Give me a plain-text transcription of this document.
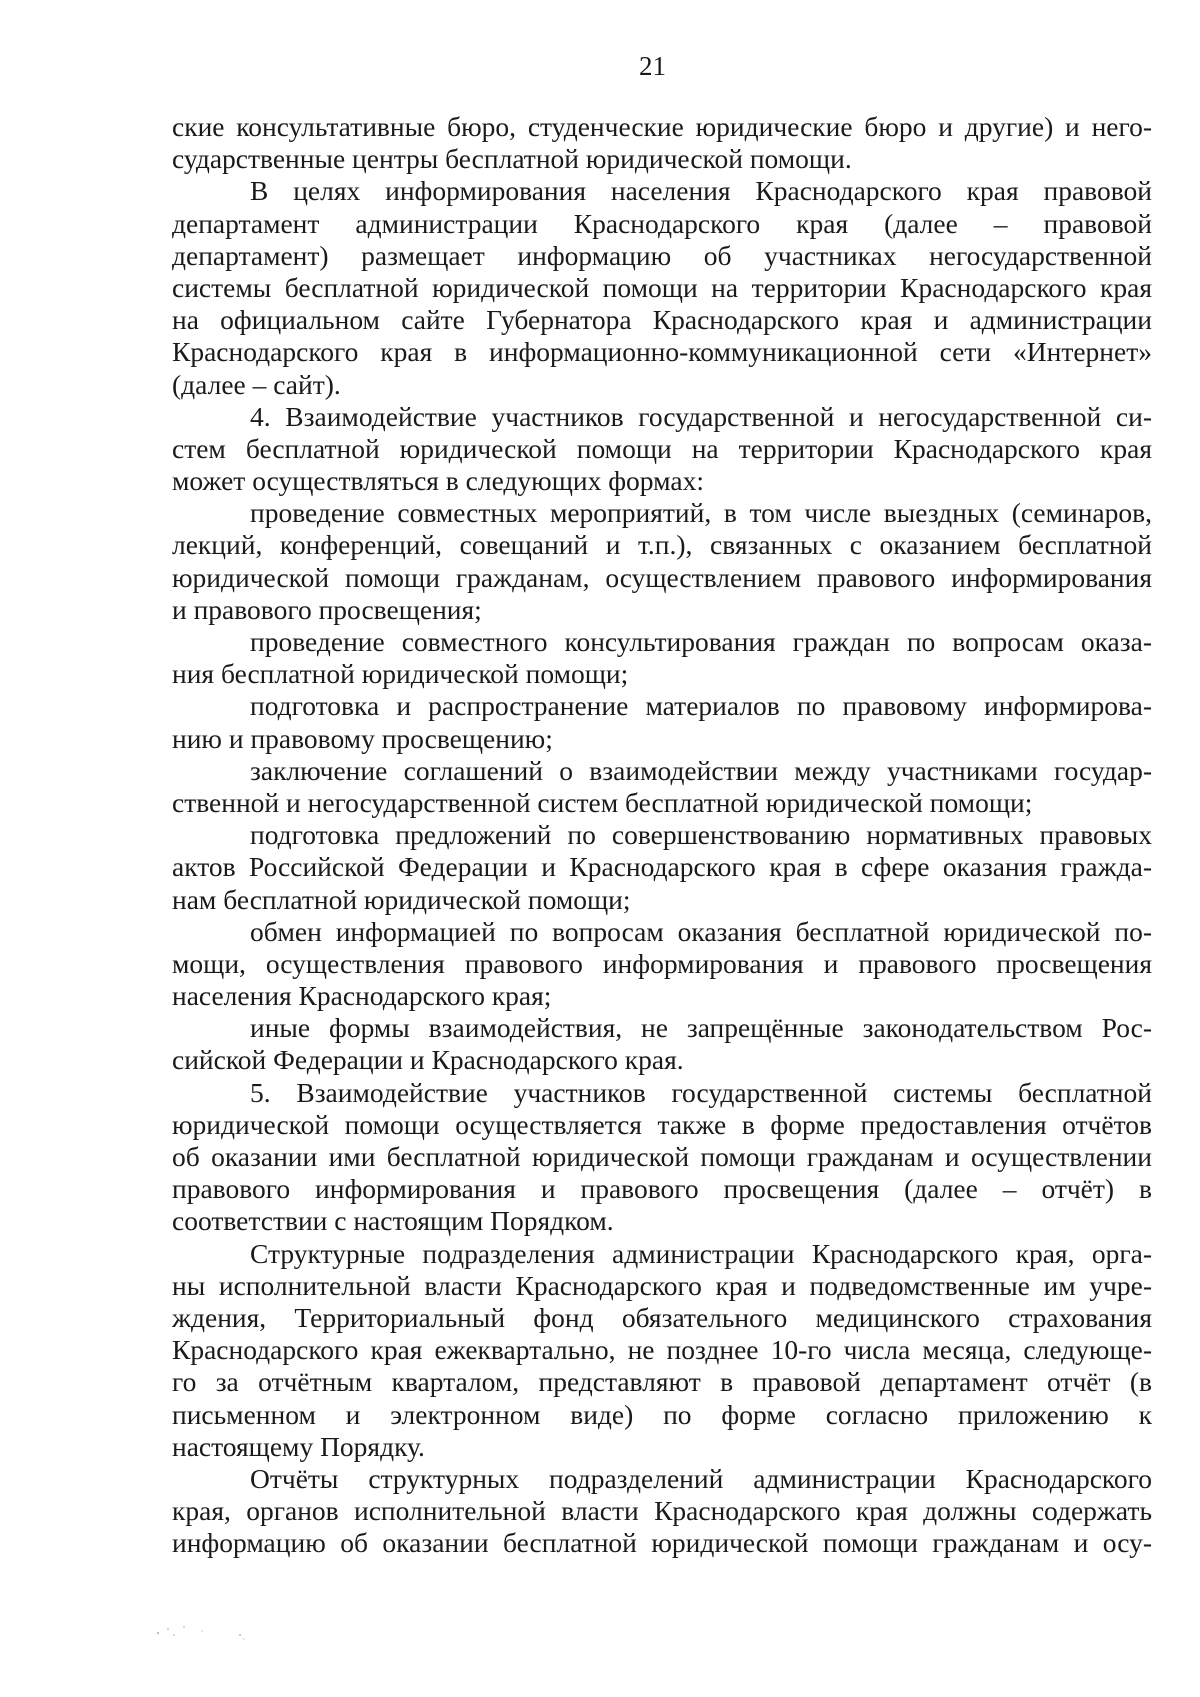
21
ские консультативные бюро, студенческие юридические бюро и другие) и него-
сударственные центры бесплатной юридической помощи.
В целях информирования населения Краснодарского края правовой
департамент администрации Краснодарского края (далее – правовой
департамент) размещает информацию об участниках негосударственной
системы бесплатной юридической помощи на территории Краснодарского края
на официальном сайте Губернатора Краснодарского края и администрации
Краснодарского края в информационно-коммуникационной сети «Интернет»
(далее – сайт).
4. Взаимодействие участников государственной и негосударственной си-
стем бесплатной юридической помощи на территории Краснодарского края
может осуществляться в следующих формах:
проведение совместных мероприятий, в том числе выездных (семинаров,
лекций, конференций, совещаний и т.п.), связанных с оказанием бесплатной
юридической помощи гражданам, осуществлением правового информирования
и правового просвещения;
проведение совместного консультирования граждан по вопросам оказа-
ния бесплатной юридической помощи;
подготовка и распространение материалов по правовому информирова-
нию и правовому просвещению;
заключение соглашений о взаимодействии между участниками государ-
ственной и негосударственной систем бесплатной юридической помощи;
подготовка предложений по совершенствованию нормативных правовых
актов Российской Федерации и Краснодарского края в сфере оказания гражда-
нам бесплатной юридической помощи;
обмен информацией по вопросам оказания бесплатной юридической по-
мощи, осуществления правового информирования и правового просвещения
населения Краснодарского края;
иные формы взаимодействия, не запрещённые законодательством Рос-
сийской Федерации и Краснодарского края.
5. Взаимодействие участников государственной системы бесплатной
юридической помощи осуществляется также в форме предоставления отчётов
об оказании ими бесплатной юридической помощи гражданам и осуществлении
правового информирования и правового просвещения (далее – отчёт) в
соответствии с настоящим Порядком.
Структурные подразделения администрации Краснодарского края, орга-
ны исполнительной власти Краснодарского края и подведомственные им учре-
ждения, Территориальный фонд обязательного медицинского страхования
Краснодарского края ежеквартально, не позднее 10-го числа месяца, следующе-
го за отчётным кварталом, представляют в правовой департамент отчёт (в
письменном и электронном виде) по форме согласно приложению к
настоящему Порядку.
Отчёты структурных подразделений администрации Краснодарского
края, органов исполнительной власти Краснодарского края должны содержать
информацию об оказании бесплатной юридической помощи гражданам и осу-
